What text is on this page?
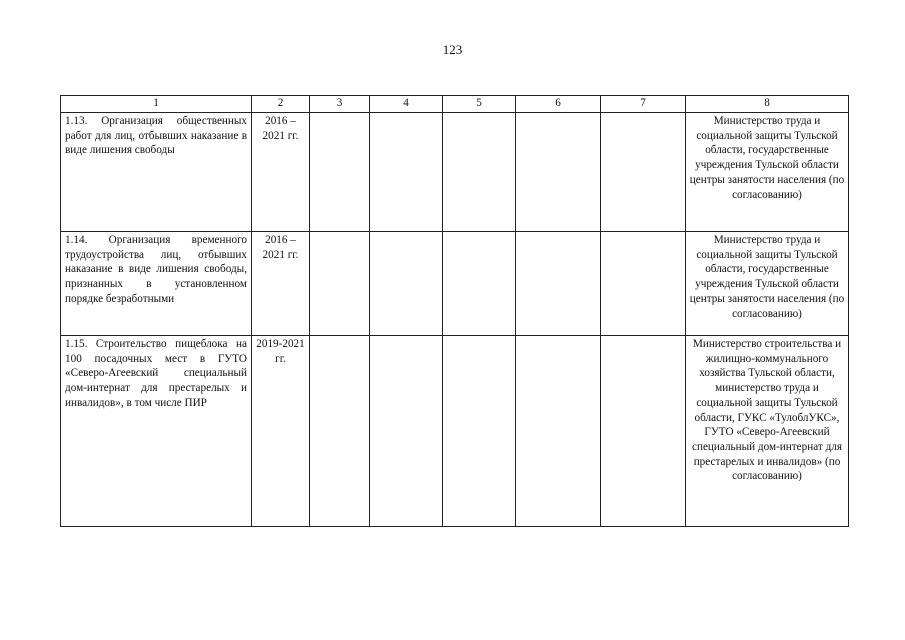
123
1	2	3	4	5	6	7	8
1.13. Организация общественных работ для лиц, отбывших наказание в виде лишения свободы	2016 – 2021 гг.						Министерство труда и социальной защиты Тульской области, государственные учреждения Тульской области центры занятости населения (по согласованию)
1.14. Организация временного трудоустройства лиц, отбывших наказание в виде лишения свободы, признанных в установленном порядке безработными	2016 – 2021 гг.						Министерство труда и социальной защиты Тульской области, государственные учреждения Тульской области центры занятости населения (по согласованию)
1.15. Строительство пищеблока на 100 посадочных мест в ГУТО «Северо-Агеевский специальный дом-интернат для престарелых и инвалидов», в том числе ПИР	2019-2021 гг.						Министерство строительства и жилищно-коммунального хозяйства Тульской области, министерство труда и социальной защиты Тульской области, ГУКС «ТулоблУКС», ГУТО «Северо-Агеевский специальный дом-интернат для престарелых и инвалидов» (по согласованию)
